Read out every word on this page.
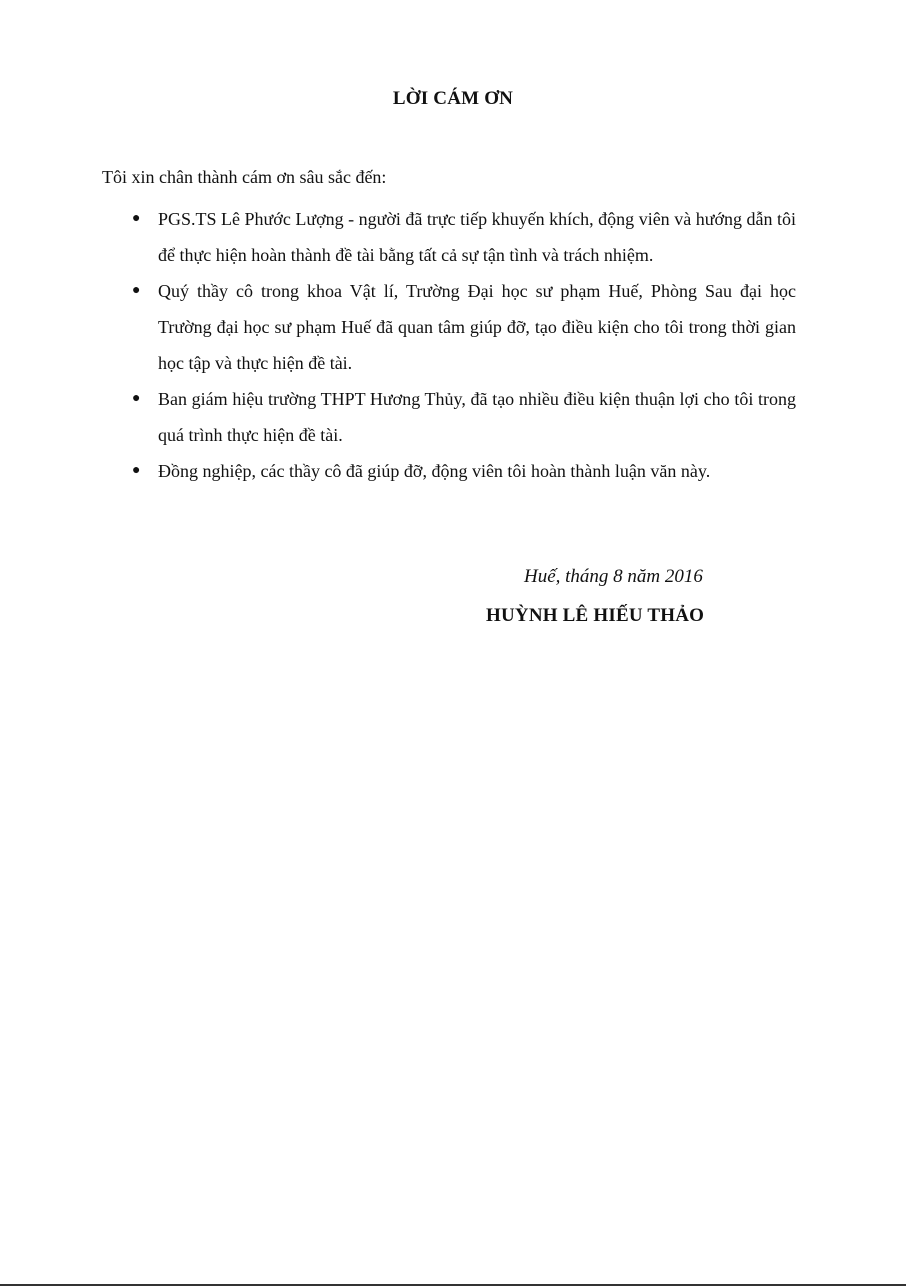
LỜI CÁM ƠN
Tôi xin chân thành cám ơn sâu sắc đến:
● PGS.TS Lê Phước Lượng - người đã trực tiếp khuyến khích, động viên và hướng dẫn tôi để thực hiện hoàn thành đề tài bằng tất cả sự tận tình và trách nhiệm.
● Quý thầy cô trong khoa Vật lí, Trường Đại học sư phạm Huế, Phòng Sau đại học Trường đại học sư phạm Huế đã quan tâm giúp đỡ, tạo điều kiện cho tôi trong thời gian học tập và thực hiện đề tài.
● Ban giám hiệu trường THPT Hương Thủy, đã tạo nhiều điều kiện thuận lợi cho tôi trong quá trình thực hiện đề tài.
● Đồng nghiệp, các thầy cô đã giúp đỡ, động viên tôi hoàn thành luận văn này.
Huế, tháng 8 năm 2016
HUỲNH LÊ HIẾU THẢO
